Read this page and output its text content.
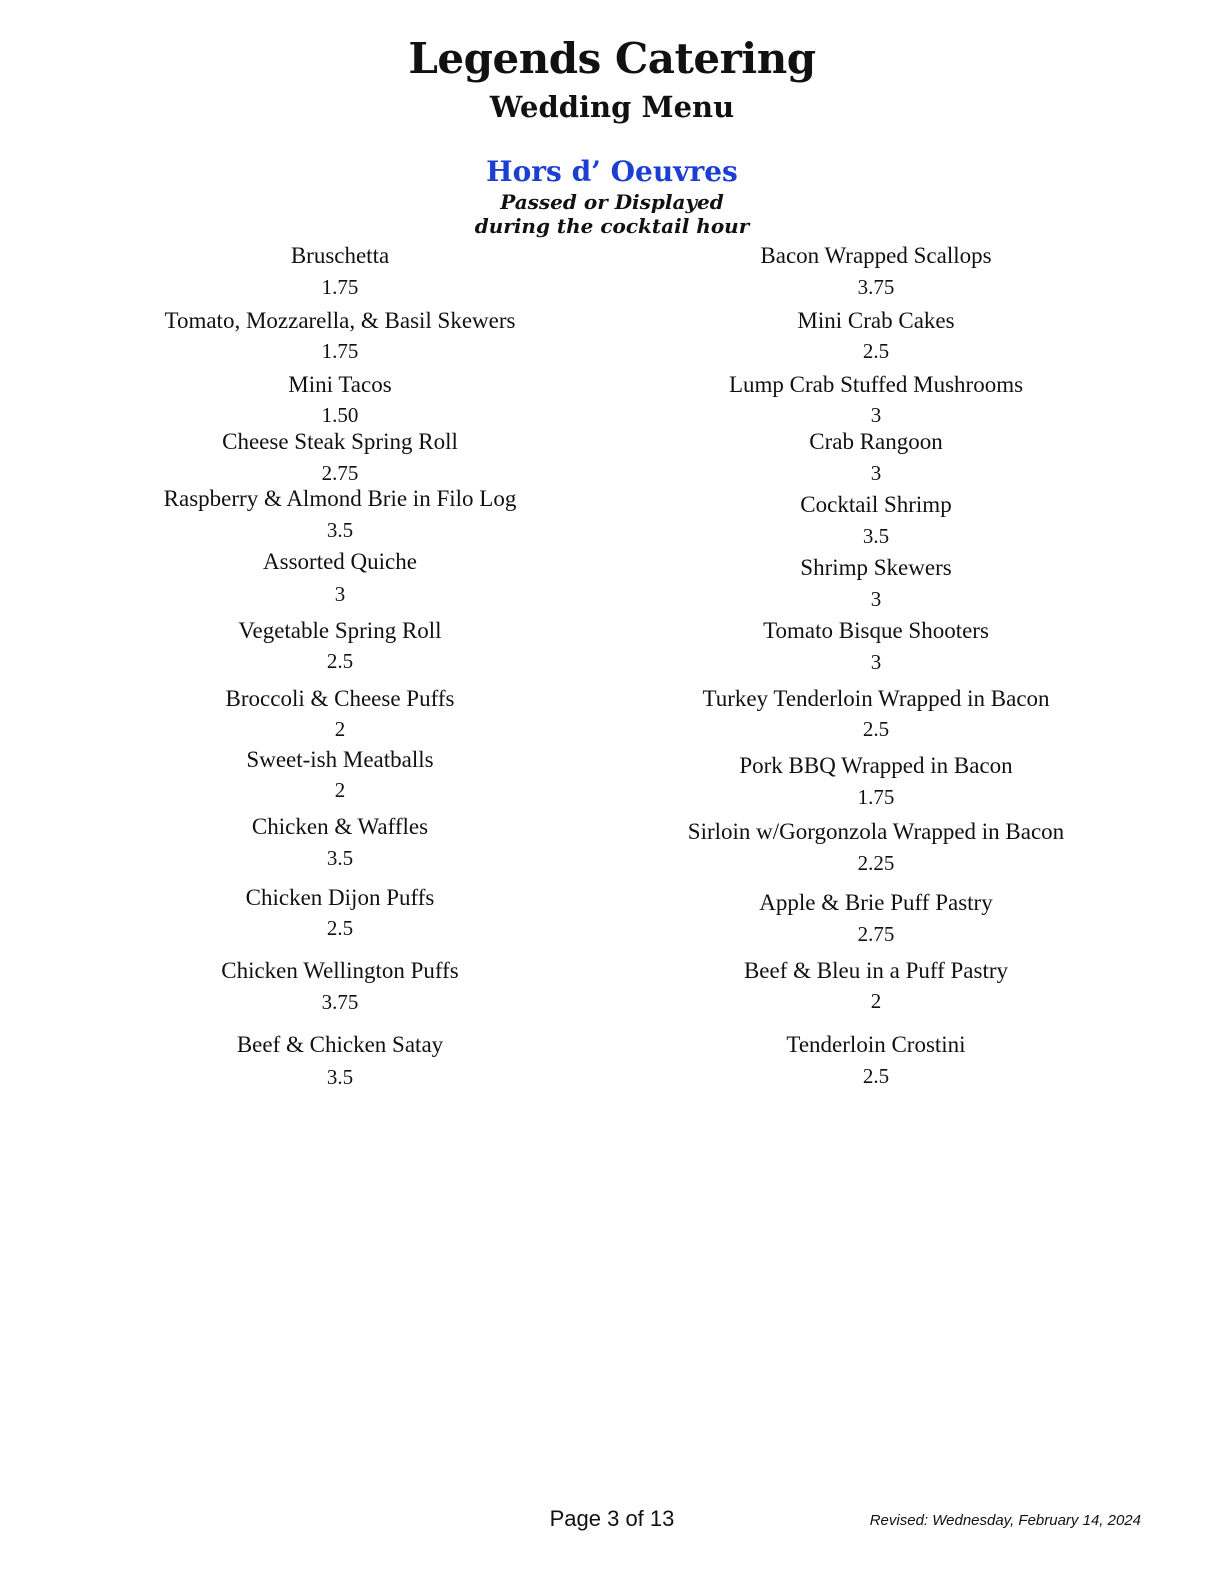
Legends Catering
Wedding Menu
Hors d’ Oeuvres
Passed or Displayed
during the cocktail hour
Bruschetta
1.75
Tomato, Mozzarella, & Basil Skewers
1.75
Mini Tacos
1.50
Cheese Steak Spring Roll
2.75
Raspberry & Almond Brie in Filo Log
3.5
Assorted Quiche
3
Vegetable Spring Roll
2.5
Broccoli & Cheese Puffs
2
Sweet-ish Meatballs
2
Chicken & Waffles
3.5
Chicken Dijon Puffs
2.5
Chicken Wellington Puffs
3.75
Beef & Chicken Satay
3.5
Bacon Wrapped Scallops
3.75
Mini Crab Cakes
2.5
Lump Crab Stuffed Mushrooms
3
Crab Rangoon
3
Cocktail Shrimp
3.5
Shrimp Skewers
3
Tomato Bisque Shooters
3
Turkey Tenderloin Wrapped in Bacon
2.5
Pork BBQ Wrapped in Bacon
1.75
Sirloin w/Gorgonzola Wrapped in Bacon
2.25
Apple & Brie Puff Pastry
2.75
Beef & Bleu in a Puff Pastry
2
Tenderloin Crostini
2.5
Page 3 of 13	Revised: Wednesday, February 14, 2024
